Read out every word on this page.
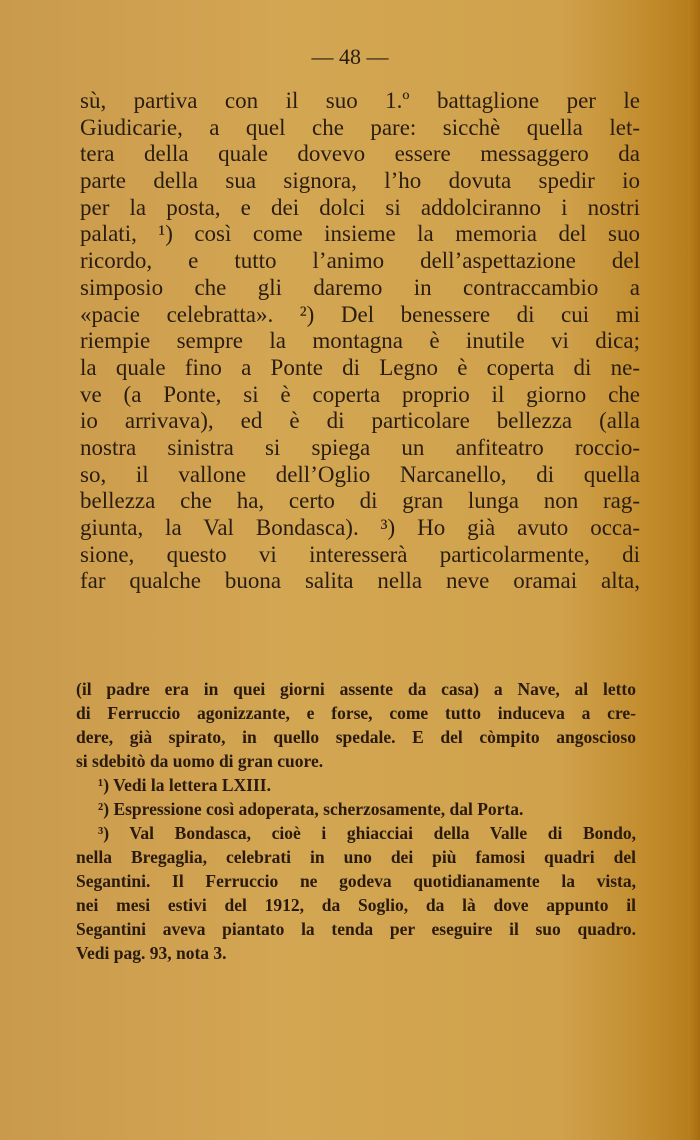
— 48 —
sù, partiva con il suo 1.º battaglione per le
Giudicarie, a quel che pare: sicchè quella let-
tera della quale dovevo essere messaggero da
parte della sua signora, l’ho dovuta spedir io
per la posta, e dei dolci si addolciranno i nostri
palati, ¹) così come insieme la memoria del suo
ricordo, e tutto l’animo dell’aspettazione del
simposio che gli daremo in contraccambio a
«pacie celebratta». ²) Del benessere di cui mi
riempie sempre la montagna è inutile vi dica;
la quale fino a Ponte di Legno è coperta di ne-
ve (a Ponte, si è coperta proprio il giorno che
io arrivava), ed è di particolare bellezza (alla
nostra sinistra si spiega un anfiteatro roccio-
so, il vallone dell’Oglio Narcanello, di quella
bellezza che ha, certo di gran lunga non rag-
giunta, la Val Bondasca). ³) Ho già avuto occa-
sione, questo vi interesserà particolarmente, di
far qualche buona salita nella neve oramai alta,
(il padre era in quei giorni assente da casa) a Nave, al letto
di Ferruccio agonizzante, e forse, come tutto induceva a cre-
dere, già spirato, in quello spedale. E del còmpito angoscioso
si sdebitò da uomo di gran cuore.
¹) Vedi la lettera LXIII.
²) Espressione così adoperata, scherzosamente, dal Porta.
³) Val Bondasca, cioè i ghiacciai della Valle di Bondo,
nella Bregaglia, celebrati in uno dei più famosi quadri del
Segantini. Il Ferruccio ne godeva quotidianamente la vista,
nei mesi estivi del 1912, da Soglio, da là dove appunto il
Segantini aveva piantato la tenda per eseguire il suo quadro.
Vedi pag. 93, nota 3.
